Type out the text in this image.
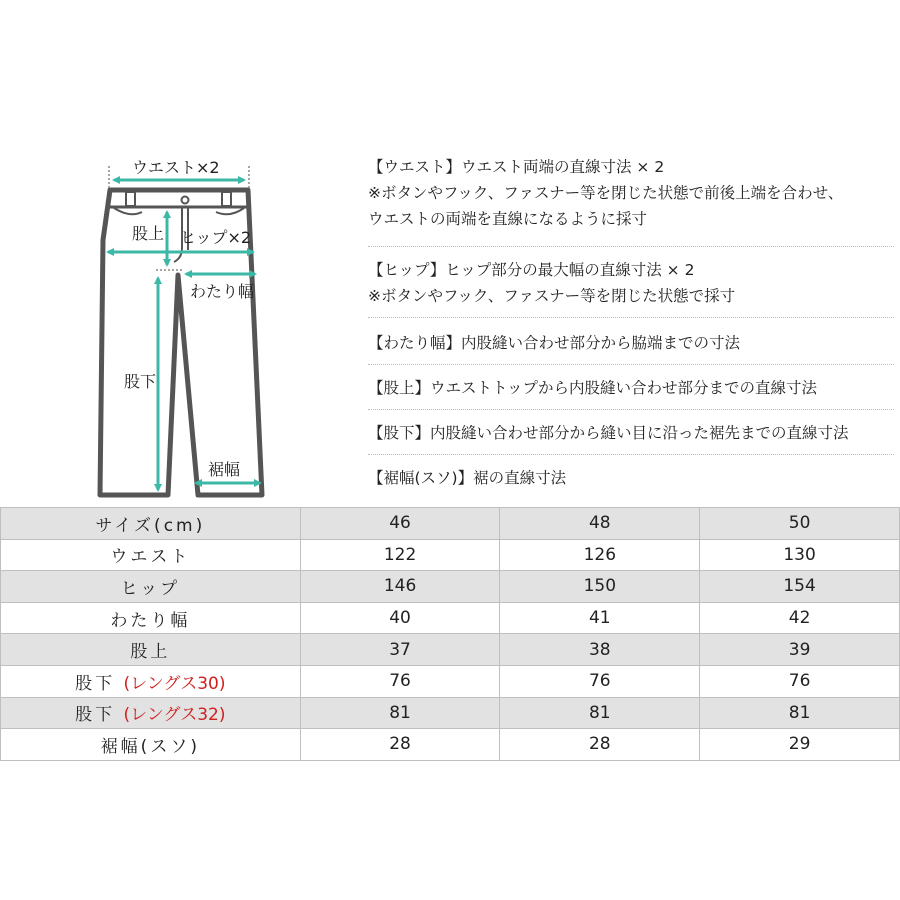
ウエスト×2
股上 ヒップ×2
わたり幅
股下
裾幅
【ウエスト】ウエスト両端の直線寸法 × 2
※ボタンやフック、ファスナー等を閉じた状態で前後上端を合わせ、
ウエストの両端を直線になるように採寸
【ヒップ】ヒップ部分の最大幅の直線寸法 × 2
※ボタンやフック、ファスナー等を閉じた状態で採寸
【わたり幅】内股縫い合わせ部分から脇端までの寸法
【股上】ウエストトップから内股縫い合わせ部分までの直線寸法
【股下】内股縫い合わせ部分から縫い目に沿った裾先までの直線寸法
【裾幅(スソ)】裾の直線寸法
サイズ(cm)	46	48	50
ウエスト	122	126	130
ヒップ	146	150	154
わたり幅	40	41	42
股上	37	38	39
股下 (レングス30)	76	76	76
股下 (レングス32)	81	81	81
裾幅(スソ)	28	28	29
